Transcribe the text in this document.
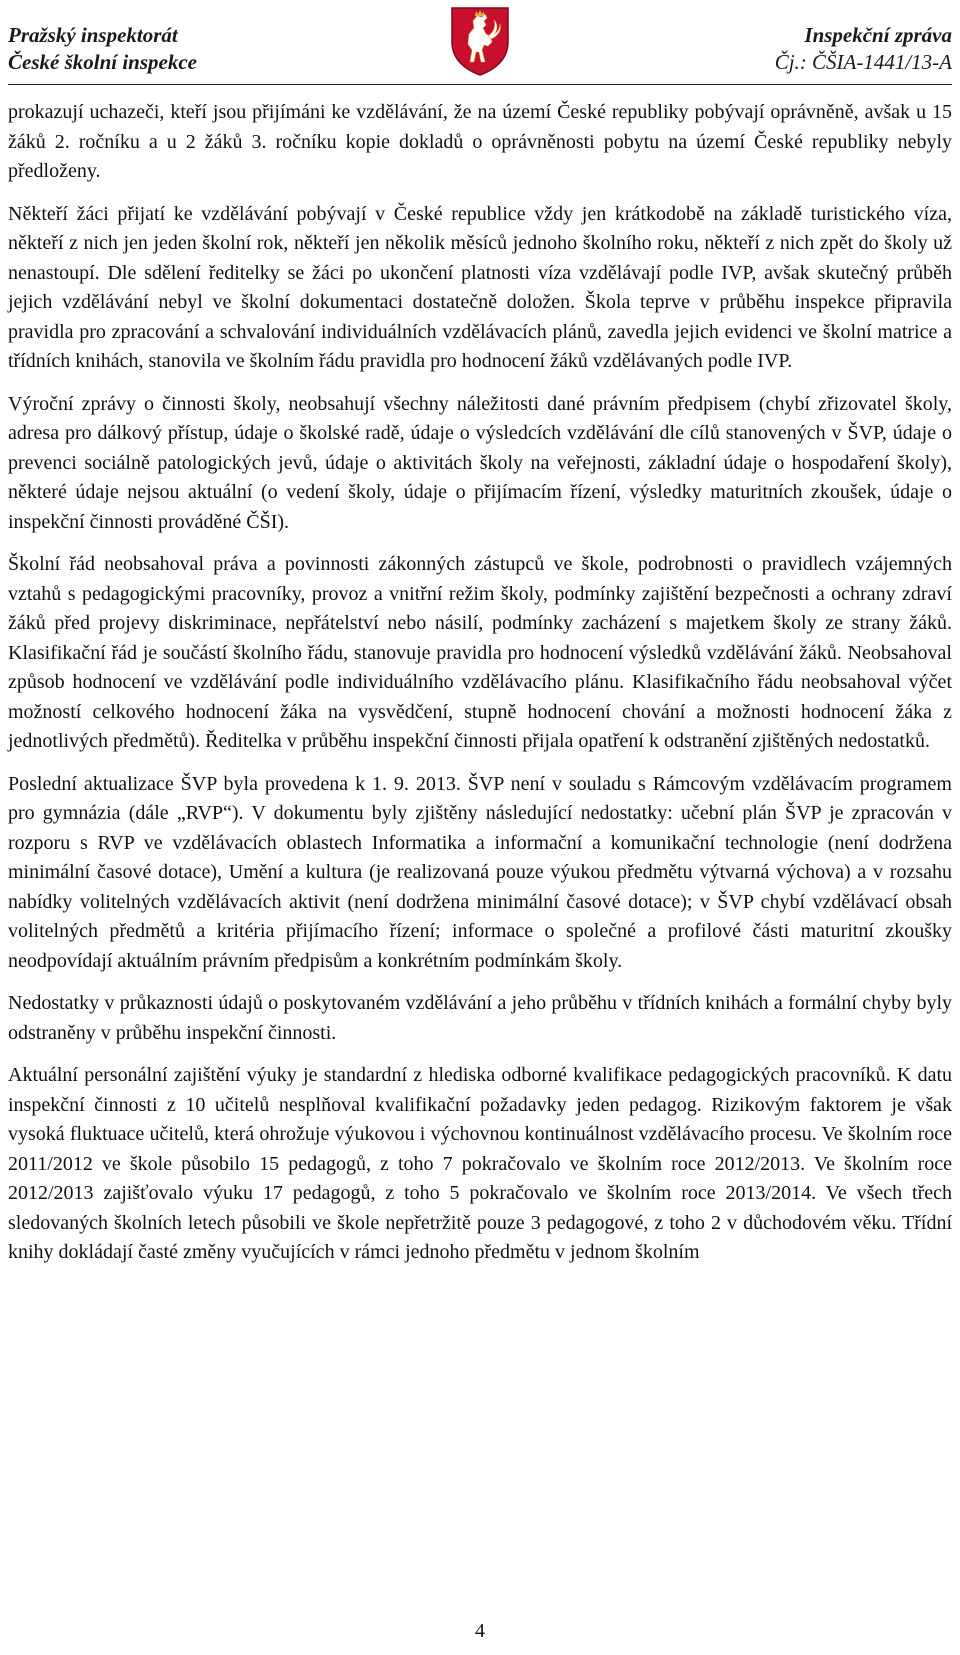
Pražský inspektorát
České školní inspekce
Inspekční zpráva
Čj.: ČŠIA-1441/13-A

prokazují uchazeči, kteří jsou přijímáni ke vzdělávání, že na území České republiky pobývají oprávněně, avšak u 15 žáků 2. ročníku a u 2 žáků 3. ročníku kopie dokladů o oprávněnosti pobytu na území České republiky nebyly předloženy.

Někteří žáci přijatí ke vzdělávání pobývají v České republice vždy jen krátkodobě na základě turistického víza, někteří z nich jen jeden školní rok, někteří jen několik měsíců jednoho školního roku, někteří z nich zpět do školy už nenastoupí. Dle sdělení ředitelky se žáci po ukončení platnosti víza vzdělávají podle IVP, avšak skutečný průběh jejich vzdělávání nebyl ve školní dokumentaci dostatečně doložen. Škola teprve v průběhu inspekce připravila pravidla pro zpracování a schvalování individuálních vzdělávacích plánů, zavedla jejich evidenci ve školní matrice a třídních knihách, stanovila ve školním řádu pravidla pro hodnocení žáků vzdělávaných podle IVP.

Výroční zprávy o činnosti školy, neobsahují všechny náležitosti dané právním předpisem (chybí zřizovatel školy, adresa pro dálkový přístup, údaje o školské radě, údaje o výsledcích vzdělávání dle cílů stanovených v ŠVP, údaje o prevenci sociálně patologických jevů, údaje o aktivitách školy na veřejnosti, základní údaje o hospodaření školy), některé údaje nejsou aktuální (o vedení školy, údaje o přijímacím řízení, výsledky maturitních zkoušek, údaje o inspekční činnosti prováděné ČŠI).

Školní řád neobsahoval práva a povinnosti zákonných zástupců ve škole, podrobnosti o pravidlech vzájemných vztahů s pedagogickými pracovníky, provoz a vnitřní režim školy, podmínky zajištění bezpečnosti a ochrany zdraví žáků před projevy diskriminace, nepřátelství nebo násilí, podmínky zacházení s majetkem školy ze strany žáků. Klasifikační řád je součástí školního řádu, stanovuje pravidla pro hodnocení výsledků vzdělávání žáků. Neobsahoval způsob hodnocení ve vzdělávání podle individuálního vzdělávacího plánu. Klasifikačního řádu neobsahoval výčet možností celkového hodnocení žáka na vysvědčení, stupně hodnocení chování a možnosti hodnocení žáka z jednotlivých předmětů). Ředitelka v průběhu inspekční činnosti přijala opatření k odstranění zjištěných nedostatků.

Poslední aktualizace ŠVP byla provedena k 1. 9. 2013. ŠVP není v souladu s Rámcovým vzdělávacím programem pro gymnázia (dále „RVP“). V dokumentu byly zjištěny následující nedostatky: učební plán ŠVP je zpracován v rozporu s RVP ve vzdělávacích oblastech Informatika a informační a komunikační technologie (není dodržena minimální časové dotace), Umění a kultura (je realizovaná pouze výukou předmětu výtvarná výchova) a v rozsahu nabídky volitelných vzdělávacích aktivit (není dodržena minimální časové dotace); v ŠVP chybí vzdělávací obsah volitelných předmětů a kritéria přijímacího řízení; informace o společné a profilové části maturitní zkoušky neodpovídají aktuálním právním předpisům a konkrétním podmínkám školy.

Nedostatky v průkaznosti údajů o poskytovaném vzdělávání a jeho průběhu v třídních knihách a formální chyby byly odstraněny v průběhu inspekční činnosti.

Aktuální personální zajištění výuky je standardní z hlediska odborné kvalifikace pedagogických pracovníků. K datu inspekční činnosti z 10 učitelů nesplňoval kvalifikační požadavky jeden pedagog. Rizikovým faktorem je však vysoká fluktuace učitelů, která ohrožuje výukovou i výchovnou kontinuálnost vzdělávacího procesu. Ve školním roce 2011/2012 ve škole působilo 15 pedagogů, z toho 7 pokračovalo ve školním roce 2012/2013. Ve školním roce 2012/2013 zajišťovalo výuku 17 pedagogů, z toho 5 pokračovalo ve školním roce 2013/2014. Ve všech třech sledovaných školních letech působili ve škole nepřetržitě pouze 3 pedagogové, z toho 2 v důchodovém věku. Třídní knihy dokládají časté změny vyučujících v rámci jednoho předmětu v jednom školním

4
